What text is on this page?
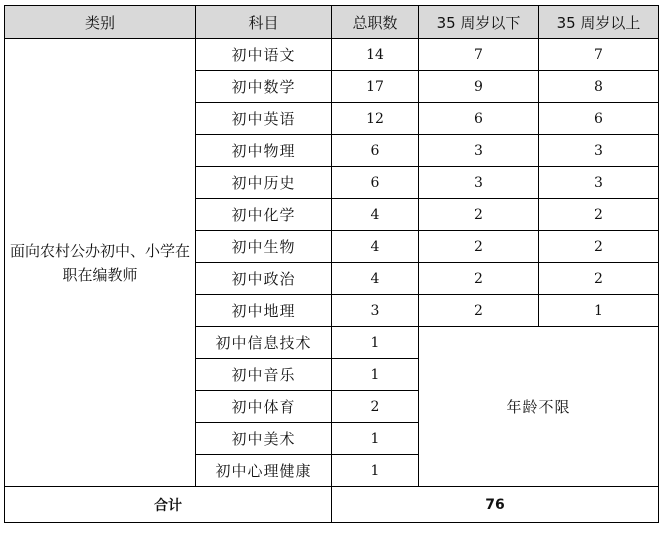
类别	科目	总职数	35 周岁以下	35 周岁以上
面向农村公办初中、小学在职在编教师	初中语文	14	7	7
	初中数学	17	9	8
	初中英语	12	6	6
	初中物理	6	3	3
	初中历史	6	3	3
	初中化学	4	2	2
	初中生物	4	2	2
	初中政治	4	2	2
	初中地理	3	2	1
	初中信息技术	1	年龄不限	
	初中音乐	1		
	初中体育	2		
	初中美术	1		
	初中心理健康	1		
合计		76		
